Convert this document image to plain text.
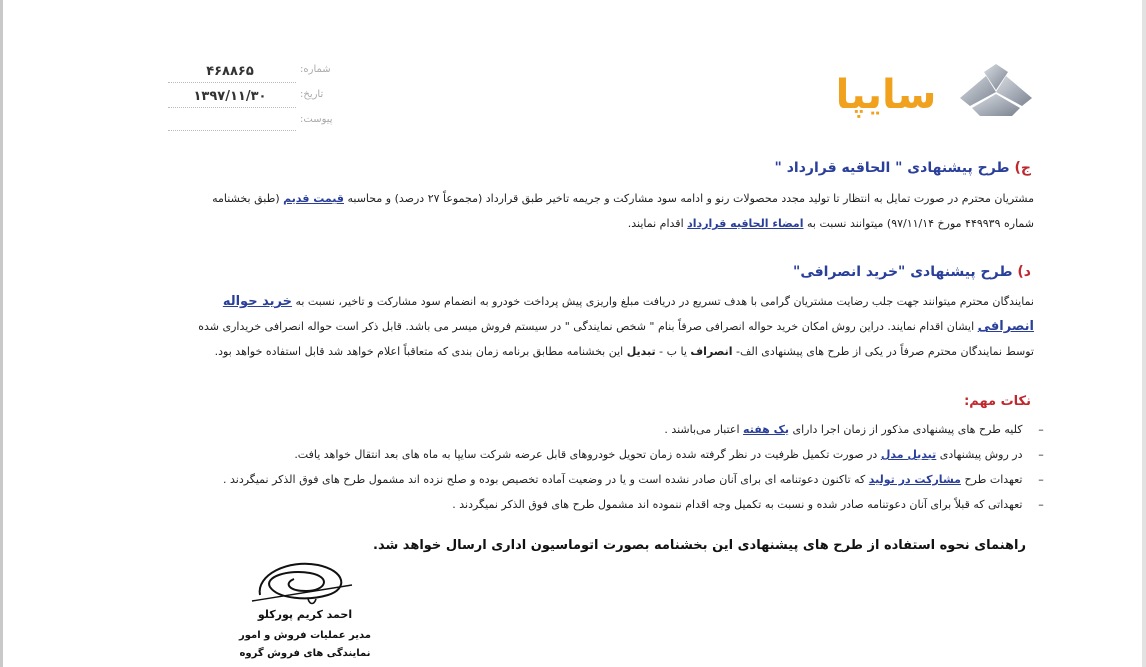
۴۶۸۸۶۵	شماره:
۱۳۹۷/۱۱/۳۰	تاریخ:
پیوست:
سایپا
ج) طرح پیشنهادی " الحاقیه قرارداد "
مشتریان محترم در صورت تمایل به انتظار تا تولید مجدد محصولات رنو و ادامه سود مشارکت و جریمه تاخیر طبق قرارداد (مجموعاً ۲۷ درصد) و محاسبه قیمت قدیم (طبق بخشنامه
شماره ۴۴۹۹۳۹ مورخ ۹۷/۱۱/۱۴) میتوانند نسبت به امضاء الحاقیه قرارداد اقدام نمایند.
د) طرح پیشنهادی "خرید انصرافی"
نمایندگان محترم میتوانند جهت جلب رضایت مشتریان گرامی با هدف تسریع در دریافت مبلغ واریزی پیش پرداخت خودرو به انضمام سود مشارکت و تاخیر، نسبت به خرید حواله
انصرافی ایشان اقدام نمایند. دراین روش امکان خرید حواله انصرافی صرفاً بنام " شخص نمایندگی " در سیستم فروش میسر می باشد. قابل ذکر است حواله انصرافی خریداری شده
توسط نمایندگان محترم صرفاً در یکی از طرح های پیشنهادی الف- انصراف یا ب - تبدیل این بخشنامه مطابق برنامه زمان بندی که متعاقباً اعلام خواهد شد قابل استفاده خواهد بود.
نکات مهم:
– کلیه طرح های پیشنهادی مذکور از زمان اجرا دارای یک هفته اعتبار می‌باشند .
– در روش پیشنهادی تبدیل مدل در صورت تکمیل ظرفیت در نظر گرفته شده زمان تحویل خودروهای قابل عرضه شرکت سایپا به ماه های بعد انتقال خواهد یافت.
– تعهدات طرح مشارکت در تولید که تاکنون دعوتنامه ای برای آنان صادر نشده است و یا در وضعیت آماده تخصیص بوده و صلح نزده اند مشمول طرح های فوق الذکر نمیگردند .
– تعهداتی که قبلاً برای آنان دعوتنامه صادر شده و نسبت به تکمیل وجه اقدام ننموده اند مشمول طرح های فوق الذکر نمیگردند .
راهنمای نحوه استفاده از طرح های پیشنهادی این بخشنامه بصورت اتوماسیون اداری ارسال خواهد شد.
احمد کریم پورکلو
مدیر عملیات فروش و امور
نمایندگی های فروش گروه
